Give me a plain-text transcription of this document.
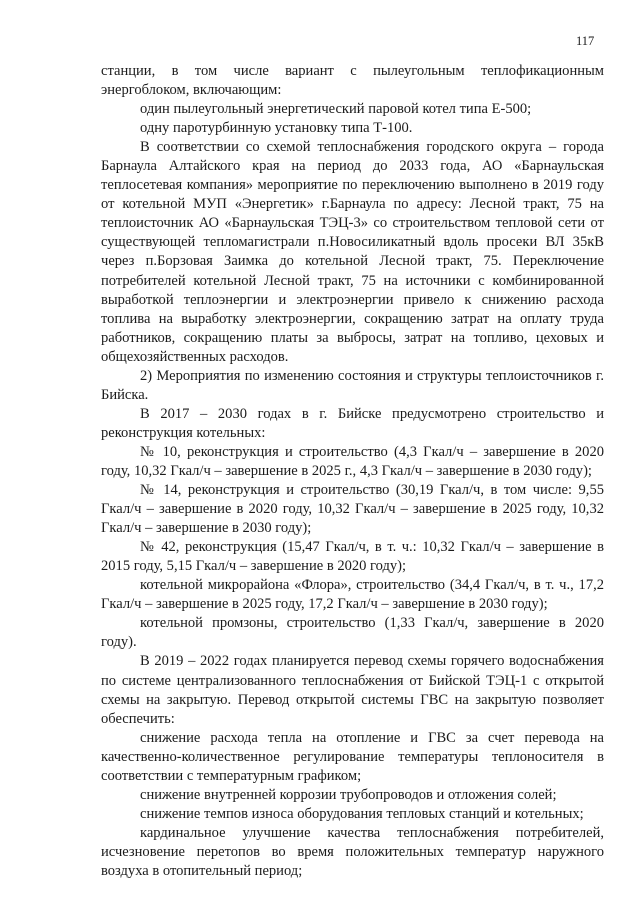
117

станции, в том числе вариант с пылеугольным теплофикационным энергоблоком, включающим:

один пылеугольный энергетический паровой котел типа Е-500;

одну паротурбинную установку типа Т-100.

В соответствии со схемой теплоснабжения городского округа – города Барнаула Алтайского края на период до 2033 года, АО «Барнаульская теплосетевая компания» мероприятие по переключению выполнено в 2019 году от котельной МУП «Энергетик» г.Барнаула по адресу: Лесной тракт, 75 на теплоисточник АО «Барнаульская ТЭЦ-3» со строительством тепловой сети от существующей тепломагистрали п.Новосиликатный вдоль просеки ВЛ 35кВ через п.Борзовая Заимка до котельной Лесной тракт, 75. Переключение потребителей котельной Лесной тракт, 75 на источники с комбинированной выработкой теплоэнергии и электроэнергии привело к снижению расхода топлива на выработку электроэнергии, сокращению затрат на оплату труда работников, сокращению платы за выбросы, затрат на топливо, цеховых и общехозяйственных расходов.

2) Мероприятия по изменению состояния и структуры теплоисточников г. Бийска.

В 2017 – 2030 годах в г. Бийске предусмотрено строительство и реконструкция котельных:

№ 10, реконструкция и строительство (4,3 Гкал/ч – завершение в 2020 году, 10,32 Гкал/ч – завершение в 2025 г., 4,3 Гкал/ч – завершение в 2030 году);

№ 14, реконструкция и строительство (30,19 Гкал/ч, в том числе: 9,55 Гкал/ч – завершение в 2020 году, 10,32 Гкал/ч – завершение в 2025 году, 10,32 Гкал/ч – завершение в 2030 году);

№ 42, реконструкция (15,47 Гкал/ч, в т. ч.: 10,32 Гкал/ч – завершение в 2015 году, 5,15 Гкал/ч – завершение в 2020 году);

котельной микрорайона «Флора», строительство (34,4 Гкал/ч, в т. ч., 17,2 Гкал/ч – завершение в 2025 году, 17,2 Гкал/ч – завершение в 2030 году);

котельной промзоны, строительство (1,33 Гкал/ч, завершение в 2020 году).

В 2019 – 2022 годах планируется перевод схемы горячего водоснабжения по системе централизованного теплоснабжения от Бийской ТЭЦ-1 с открытой схемы на закрытую. Перевод открытой системы ГВС на закрытую позволяет обеспечить:

снижение расхода тепла на отопление и ГВС за счет перевода на качественно-количественное регулирование температуры теплоносителя в соответствии с температурным графиком;

снижение внутренней коррозии трубопроводов и отложения солей;

снижение темпов износа оборудования тепловых станций и котельных;

кардинальное улучшение качества теплоснабжения потребителей, исчезновение перетопов во время положительных температур наружного воздуха в отопительный период;
